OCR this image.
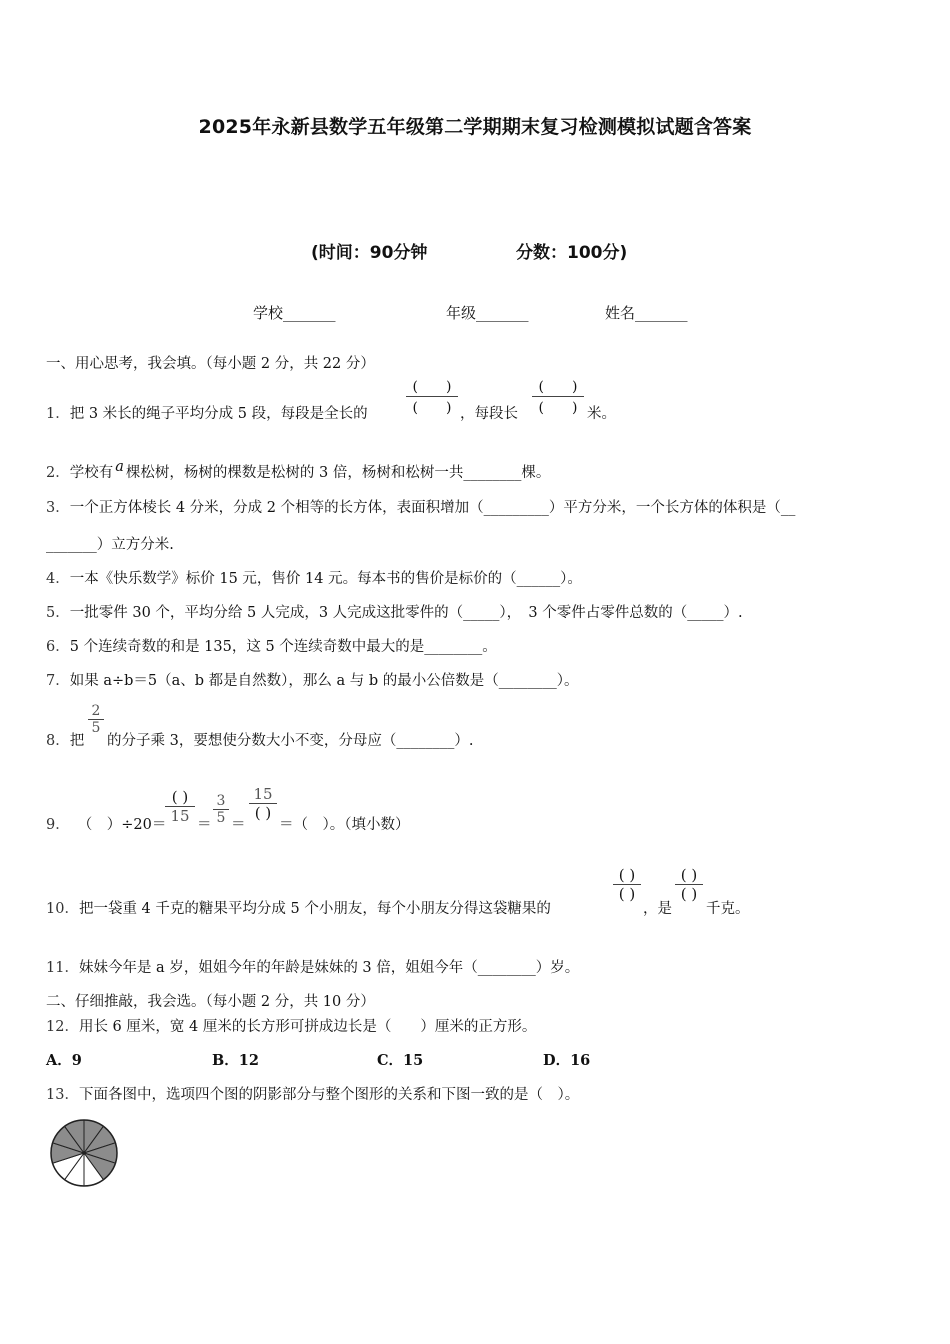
2025年永新县数学五年级第二学期期末复习检测模拟试题含答案
(时间：90分钟	分数：100分)
学校_______	年级_______	姓名_______
一、用心思考，我会填。（每小题 2 分，共 22 分）
1．把 3 米长的绳子平均分成 5 段，每段是全长的
(　　)
(　　) ，每段长
(　　)
(　　) 米。
2．学校有 a 棵松树，杨树的棵数是松树的 3 倍，杨树和松树一共________棵。
3．一个正方体棱长 4 分米，分成 2 个相等的长方体，表面积增加（_________）平方分米，一个长方体的体积是（__
_______）立方分米.
4．一本《快乐数学》标价 15 元，售价 14 元。每本书的售价是标价的（______）。
5．一批零件 30 个，平均分给 5 人完成，3 人完成这批零件的（_____），　3 个零件占零件总数的（_____）.
6．5 个连续奇数的和是 135，这 5 个连续奇数中最大的是________。
7．如果 a÷b＝5（a、b 都是自然数），那么 a 与 b 的最小公倍数是（________）。
8．把
2
5
的分子乘 3，要想使分数大小不变，分母应（________）.
9． （　）÷20＝
( )
15 ＝
3
5 ＝
15
( )
＝（　）。（填小数）
10．把一袋重 4 千克的糖果平均分成 5 个小朋友，每个小朋友分得这袋糖果的
( )
( )
，是
( )
( )
千克。
11．妹妹今年是 a 岁，姐姐今年的年龄是妹妹的 3 倍，姐姐今年（________）岁。
二、仔细推敲，我会选。（每小题 2 分，共 10 分）
12．用长 6 厘米，宽 4 厘米的长方形可拼成边长是（　　）厘米的正方形。
A．9	B．12	C．15	D．16
13．下面各图中，选项四个图的阴影部分与整个图形的关系和下图一致的是（　）。
